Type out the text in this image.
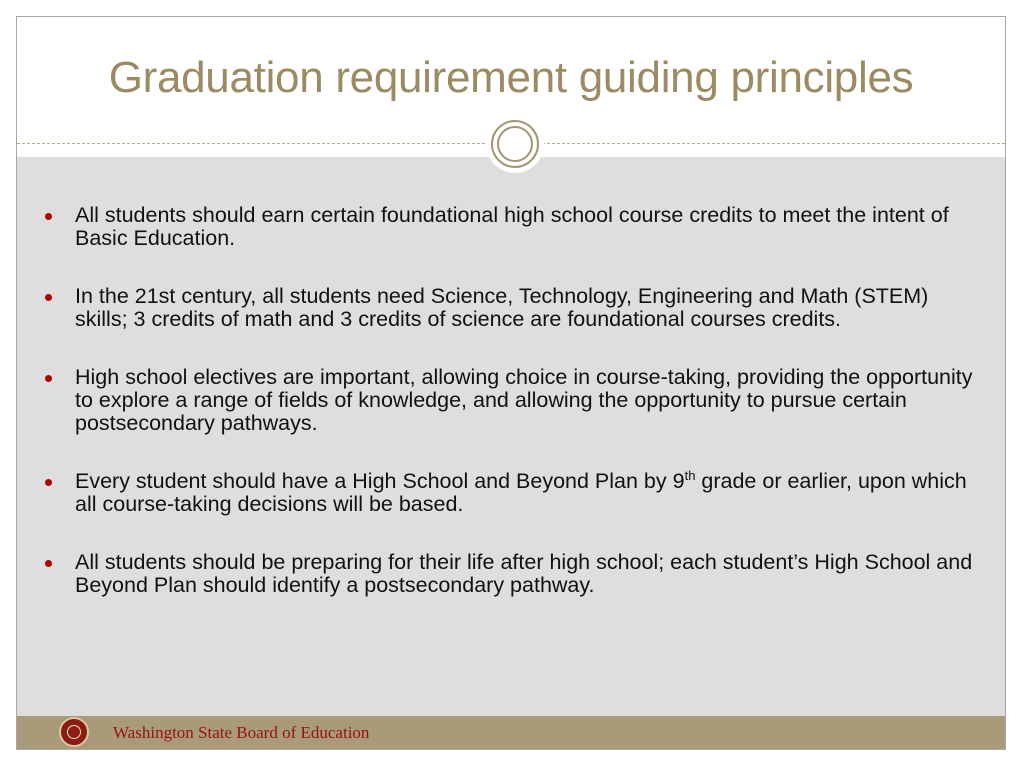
Graduation requirement guiding principles
All students should earn certain foundational high school course credits to meet the intent of Basic Education.
In the 21st century, all students need Science, Technology, Engineering and Math (STEM) skills; 3 credits of math and 3 credits of science are foundational courses credits.
High school electives are important, allowing choice in course-taking, providing the opportunity to explore a range of fields of knowledge, and allowing the opportunity to pursue certain postsecondary pathways.
Every student should have a High School and Beyond Plan by 9th grade or earlier, upon which all course-taking decisions will be based.
All students should be preparing for their life after high school; each student’s High School and Beyond Plan should identify a postsecondary pathway.
Washington State Board of Education
